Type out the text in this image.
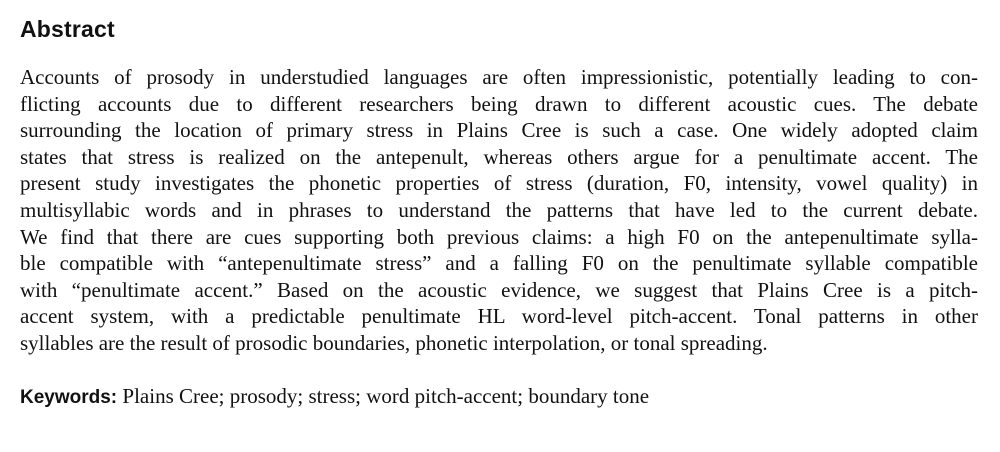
Abstract
Accounts of prosody in understudied languages are often impressionistic, potentially leading to con-
flicting accounts due to different researchers being drawn to different acoustic cues. The debate
surrounding the location of primary stress in Plains Cree is such a case. One widely adopted claim
states that stress is realized on the antepenult, whereas others argue for a penultimate accent. The
present study investigates the phonetic properties of stress (duration, F0, intensity, vowel quality) in
multisyllabic words and in phrases to understand the patterns that have led to the current debate.
We find that there are cues supporting both previous claims: a high F0 on the antepenultimate sylla-
ble compatible with “antepenultimate stress” and a falling F0 on the penultimate syllable compatible
with “penultimate accent.” Based on the acoustic evidence, we suggest that Plains Cree is a pitch-
accent system, with a predictable penultimate HL word-level pitch-accent. Tonal patterns in other
syllables are the result of prosodic boundaries, phonetic interpolation, or tonal spreading.
Keywords: Plains Cree; prosody; stress; word pitch-accent; boundary tone
